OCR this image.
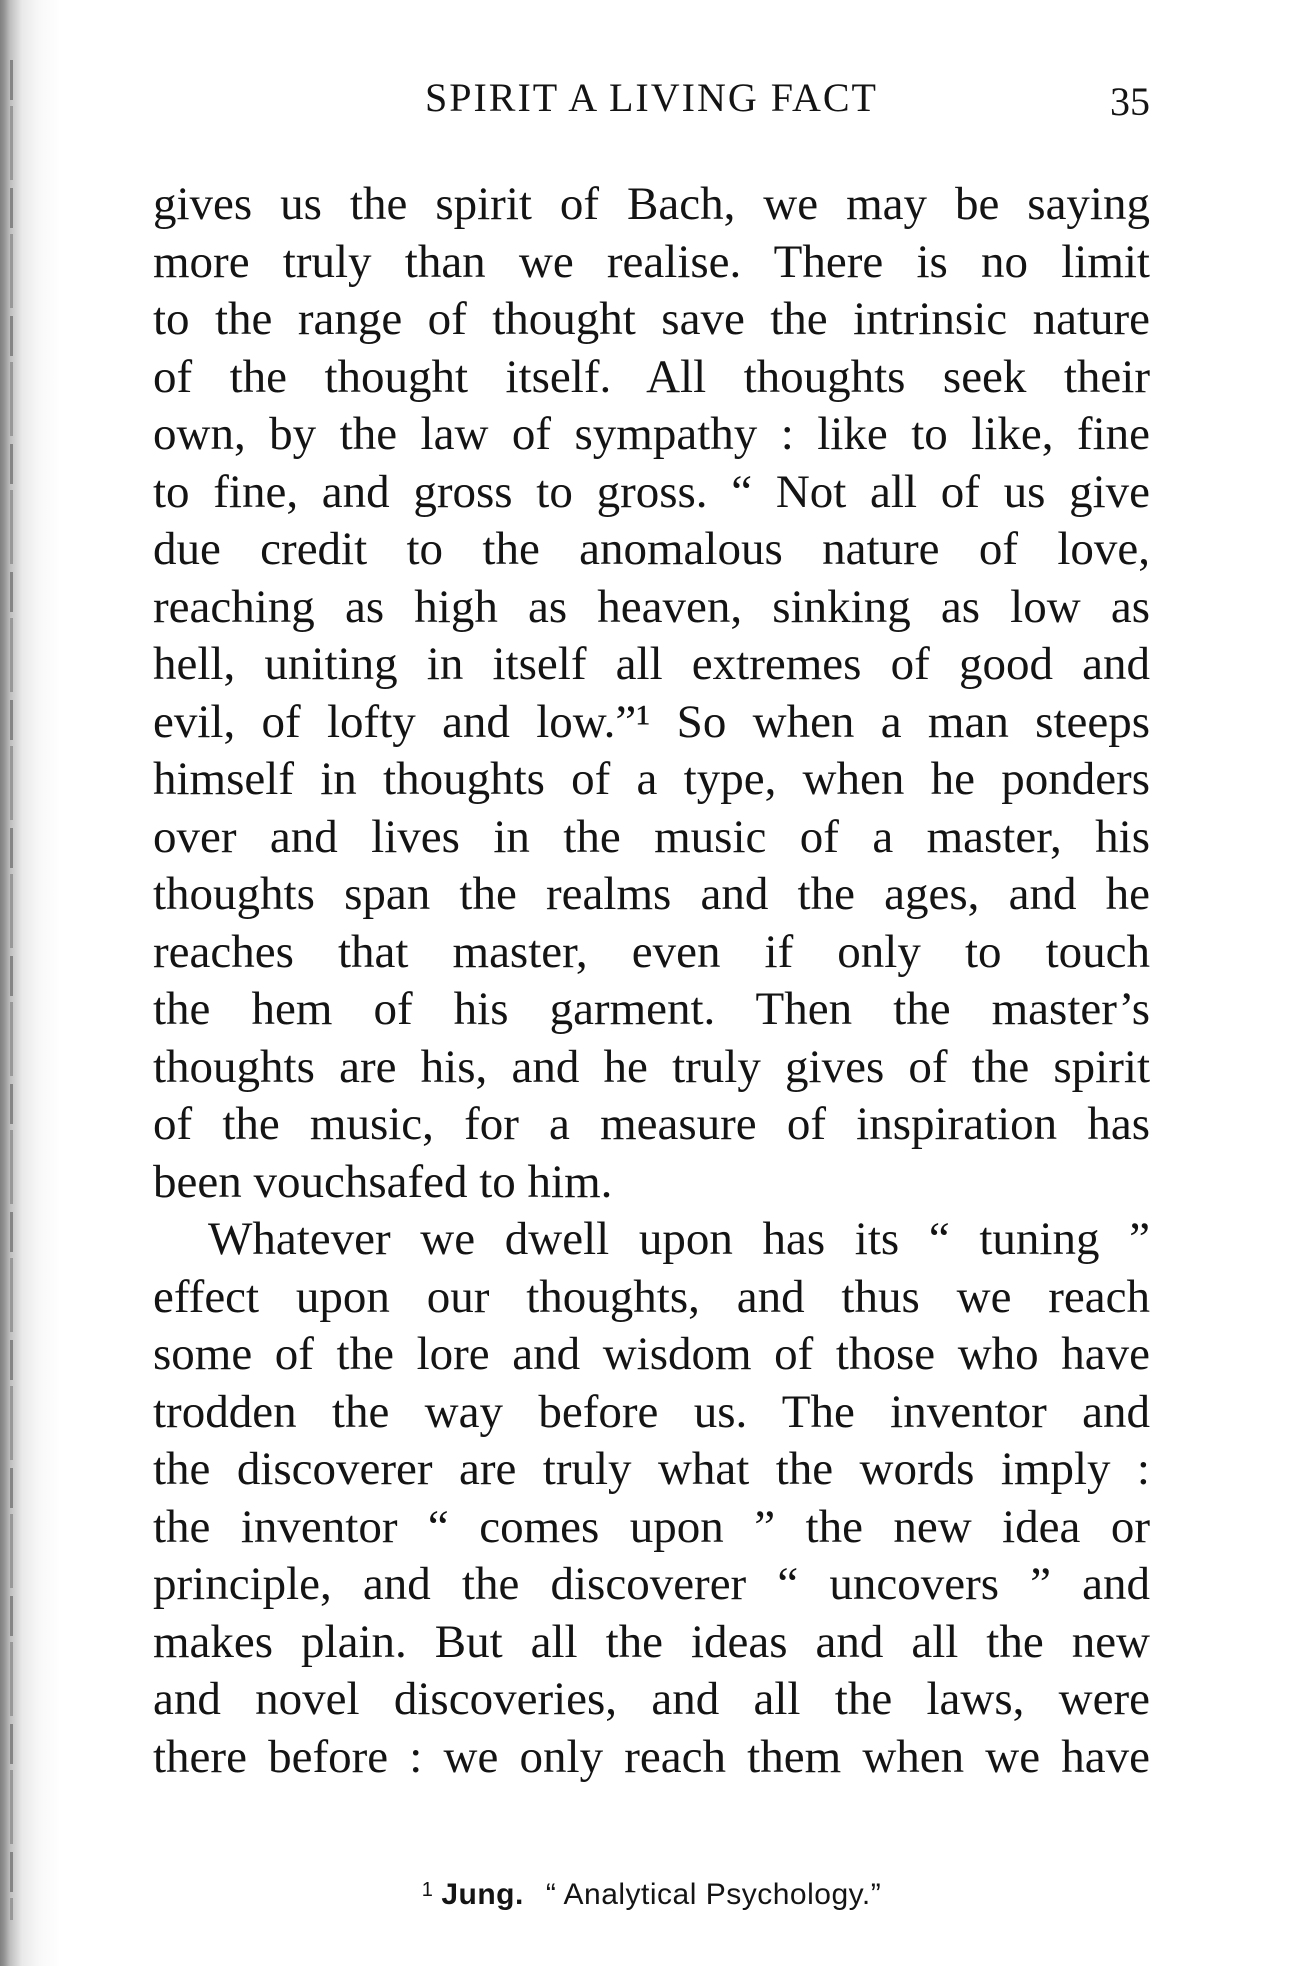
SPIRIT A LIVING FACT	35
gives us the spirit of Bach, we may be saying
more truly than we realise. There is no limit
to the range of thought save the intrinsic nature
of the thought itself. All thoughts seek their
own, by the law of sympathy : like to like, fine
to fine, and gross to gross. “ Not all of us give
due credit to the anomalous nature of love,
reaching as high as heaven, sinking as low as
hell, uniting in itself all extremes of good and
evil, of lofty and low.”¹ So when a man steeps
himself in thoughts of a type, when he ponders
over and lives in the music of a master, his
thoughts span the realms and the ages, and he
reaches that master, even if only to touch
the hem of his garment. Then the master’s
thoughts are his, and he truly gives of the spirit
of the music, for a measure of inspiration has
been vouchsafed to him.
Whatever we dwell upon has its “ tuning ”
effect upon our thoughts, and thus we reach
some of the lore and wisdom of those who have
trodden the way before us. The inventor and
the discoverer are truly what the words imply :
the inventor “ comes upon ” the new idea or
principle, and the discoverer “ uncovers ” and
makes plain. But all the ideas and all the new
and novel discoveries, and all the laws, were
there before : we only reach them when we have
$^1$ Jung. “ Analytical Psychology.”
